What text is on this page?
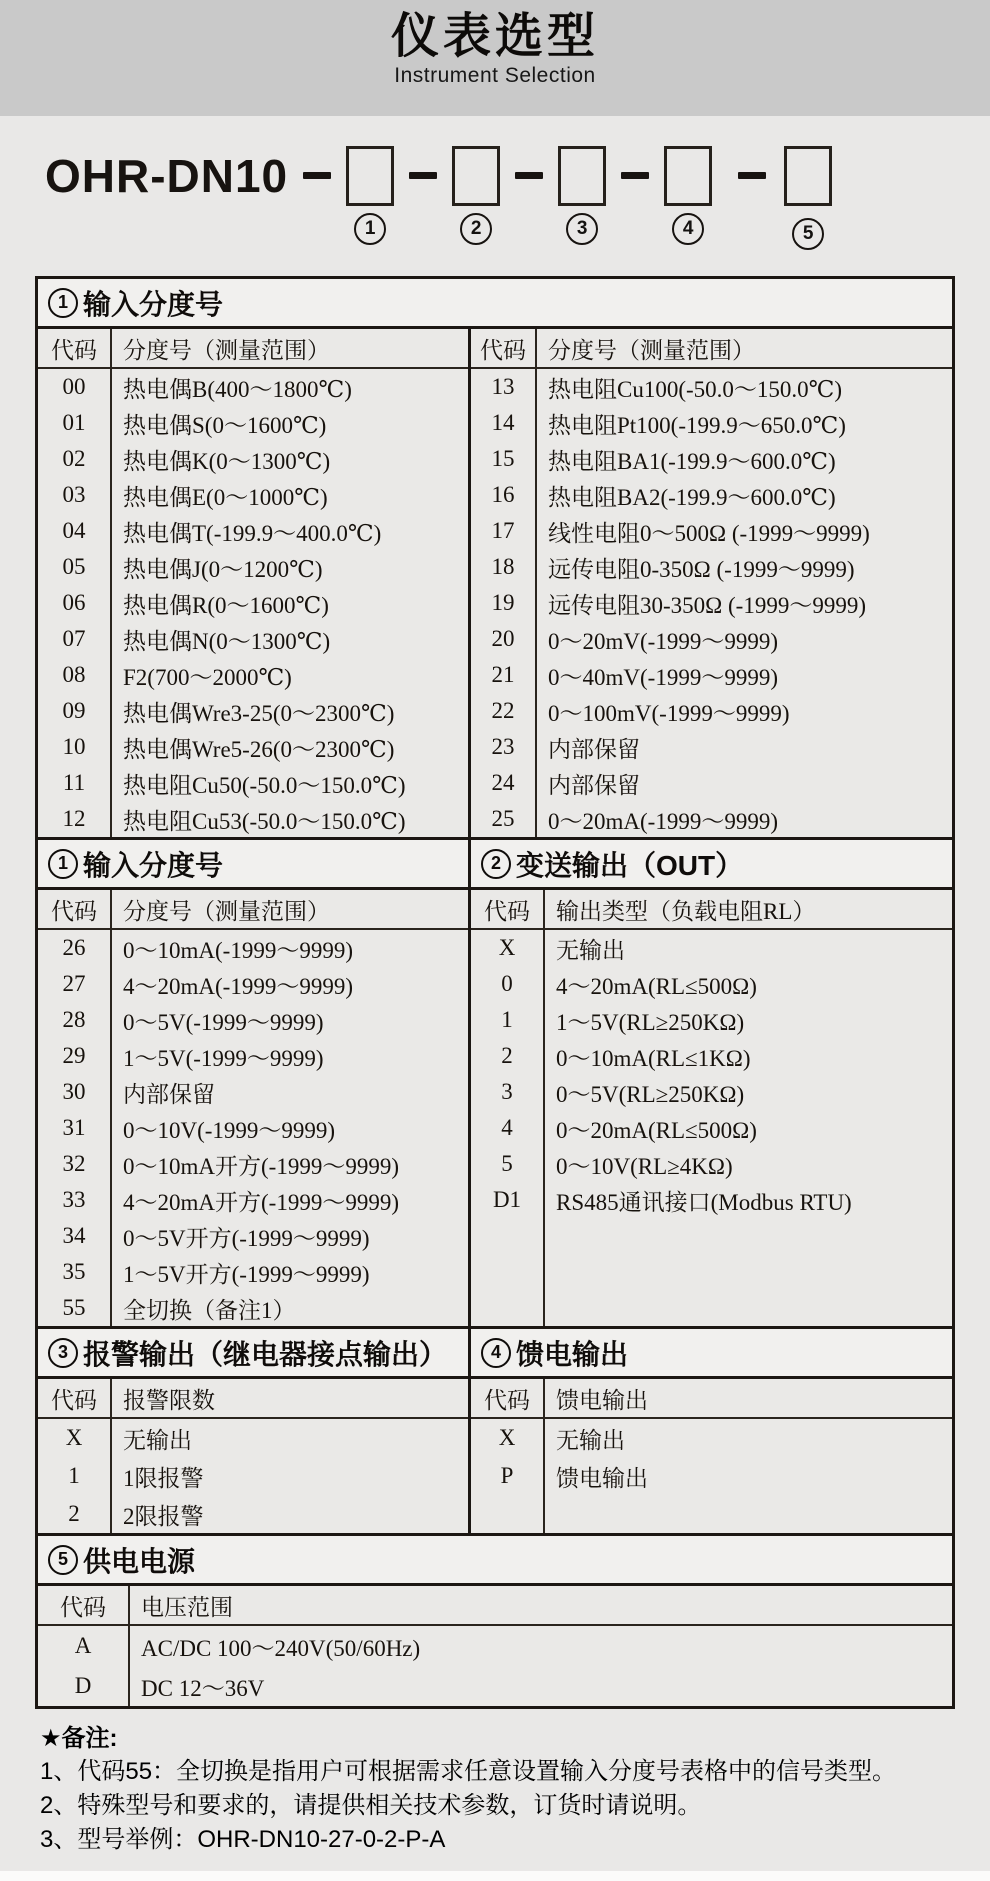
仪表选型
Instrument Selection
OHR-DN10
1	2	3	4	5
1 输入分度号
代码	分度号（测量范围）
00	热电偶B(400～1800℃)
01	热电偶S(0～1600℃)
02	热电偶K(0～1300℃)
03	热电偶E(0～1000℃)
04	热电偶T(-199.9～400.0℃)
05	热电偶J(0～1200℃)
06	热电偶R(0～1600℃)
07	热电偶N(0～1300℃)
08	F2(700～2000℃)
09	热电偶Wre3-25(0～2300℃)
10	热电偶Wre5-26(0～2300℃)
11	热电阻Cu50(-50.0～150.0℃)
12	热电阻Cu53(-50.0～150.0℃)
代码 分度号（测量范围）
13	热电阻Cu100(-50.0～150.0℃)
14	热电阻Pt100(-199.9～650.0℃)
15	热电阻BA1(-199.9～600.0℃)
16	热电阻BA2(-199.9～600.0℃)
17	线性电阻0～500Ω (-1999～9999)
18	远传电阻0-350Ω (-1999～9999)
19	远传电阻30-350Ω (-1999～9999)
20	0～20mV(-1999～9999)
21	0～40mV(-1999～9999)
22	0～100mV(-1999～9999)
23	内部保留
24	内部保留
25	0～20mA(-1999～9999)
1 输入分度号
代码	分度号（测量范围）
26	0～10mA(-1999～9999)
27	4～20mA(-1999～9999)
28	0～5V(-1999～9999)
29	1～5V(-1999～9999)
30	内部保留
31	0～10V(-1999～9999)
32	0～10mA开方(-1999～9999)
33	4～20mA开方(-1999～9999)
34	0～5V开方(-1999～9999)
35	1～5V开方(-1999～9999)
55	全切换（备注1）
2 变送输出（OUT）
代码	输出类型（负载电阻RL）
X	无输出
0	4～20mA(RL≤500Ω)
1	1～5V(RL≥250KΩ)
2	0～10mA(RL≤1KΩ)
3	0～5V(RL≥250KΩ)
4	0～20mA(RL≤500Ω)
5	0～10V(RL≥4KΩ)
D1	RS485通讯接口(Modbus RTU)
3 报警输出（继电器接点输出）
代码	报警限数
X	无输出
1	1限报警
2	2限报警
4 馈电输出
代码	馈电输出
X	无输出
P	馈电输出
5 供电电源
代码	电压范围
A	AC/DC 100～240V(50/60Hz)
D	DC 12～36V
★备注:
1、代码55：全切换是指用户可根据需求任意设置输入分度号表格中的信号类型。
2、特殊型号和要求的，请提供相关技术参数，订货时请说明。
3、型号举例：OHR-DN10-27-0-2-P-A
